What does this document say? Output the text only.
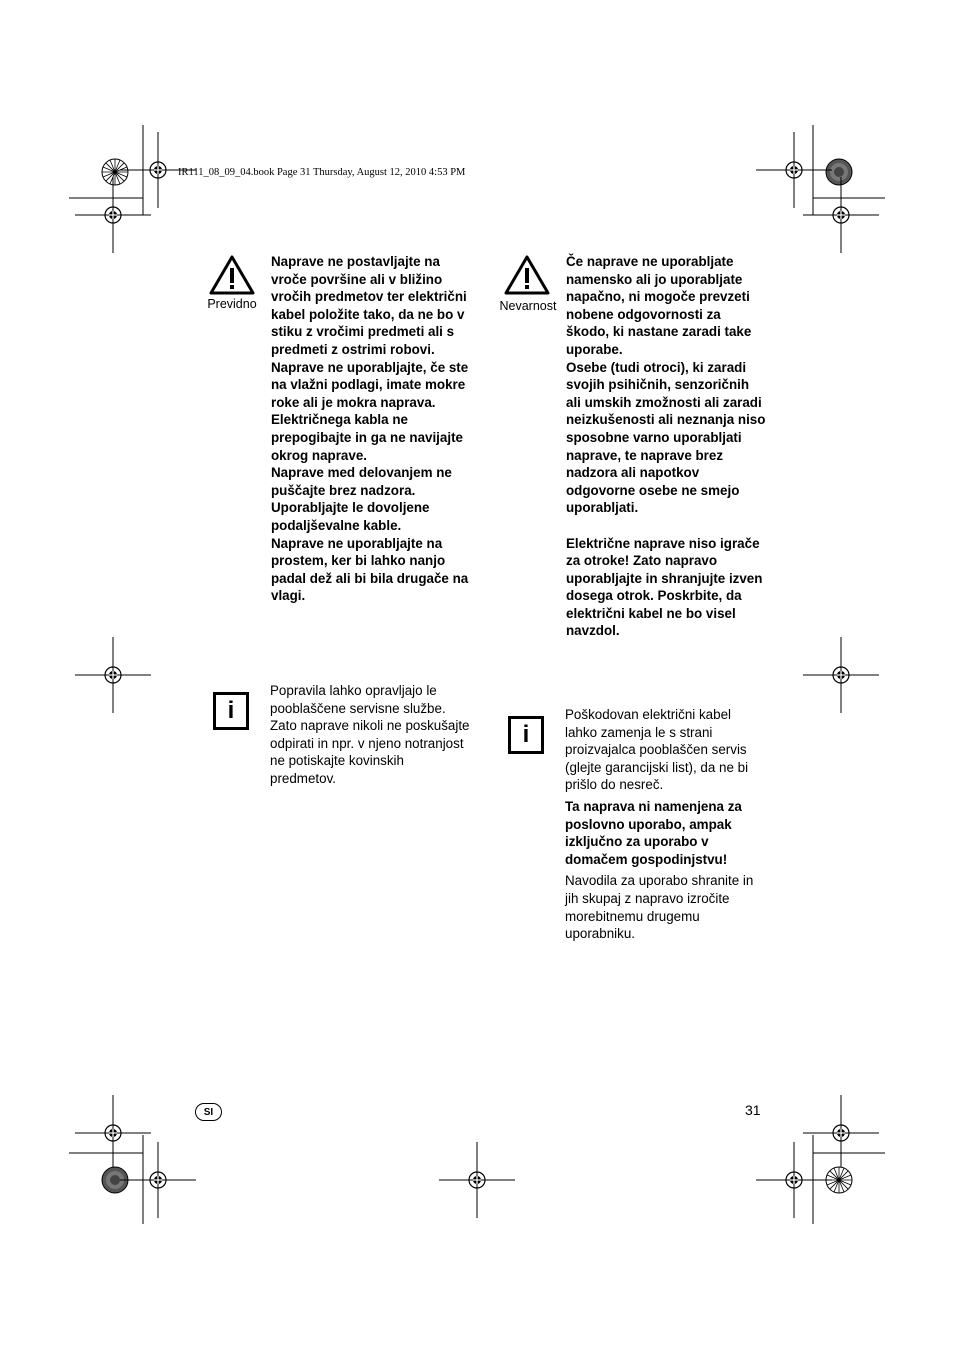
IR111_08_09_04.book Page 31 Thursday, August 12, 2010 4:53 PM
Previdno

Naprave ne postavljajte na vroče površine ali v bližino vročih predmetov ter električni kabel položite tako, da ne bo v stiku z vročimi predmeti ali s predmeti z ostrimi robovi.

Naprave ne uporabljajte, če ste na vlažni podlagi, imate mokre roke ali je mokra naprava.

Električnega kabla ne prepogibajte in ga ne navijajte okrog naprave.

Naprave med delovanjem ne puščajte brez nadzora.

Uporabljajte le dovoljene podaljševalne kable.

Naprave ne uporabljajte na prostem, ker bi lahko nanjo padal dež ali bi bila drugače na vlagi.

i

Popravila lahko opravljajo le pooblaščene servisne službe. Zato naprave nikoli ne poskušajte odpirati in npr. v njeno notranjost ne potiskajte kovinskih predmetov.

Nevarnost

Če naprave ne uporabljate namensko ali jo uporabljate napačno, ni mogoče prevzeti nobene odgovornosti za škodo, ki nastane zaradi take uporabe.

Osebe (tudi otroci), ki zaradi svojih psihičnih, senzoričnih ali umskih zmožnosti ali zaradi neizkušenosti ali neznanja niso sposobne varno uporabljati naprave, te naprave brez nadzora ali napotkov odgovorne osebe ne smejo uporabljati.

Električne naprave niso igrače za otroke! Zato napravo uporabljajte in shranjujte izven dosega otrok. Poskrbite, da električni kabel ne bo visel navzdol.

i

Poškodovan električni kabel lahko zamenja le s strani proizvajalca pooblaščen servis (glejte garancijski list), da ne bi prišlo do nesreč.

Ta naprava ni namenjena za poslovno uporabo, ampak izključno za uporabo v domačem gospodinjstvu!

Navodila za uporabo shranite in jih skupaj z napravo izročite morebitnemu drugemu uporabniku.

SI	31
